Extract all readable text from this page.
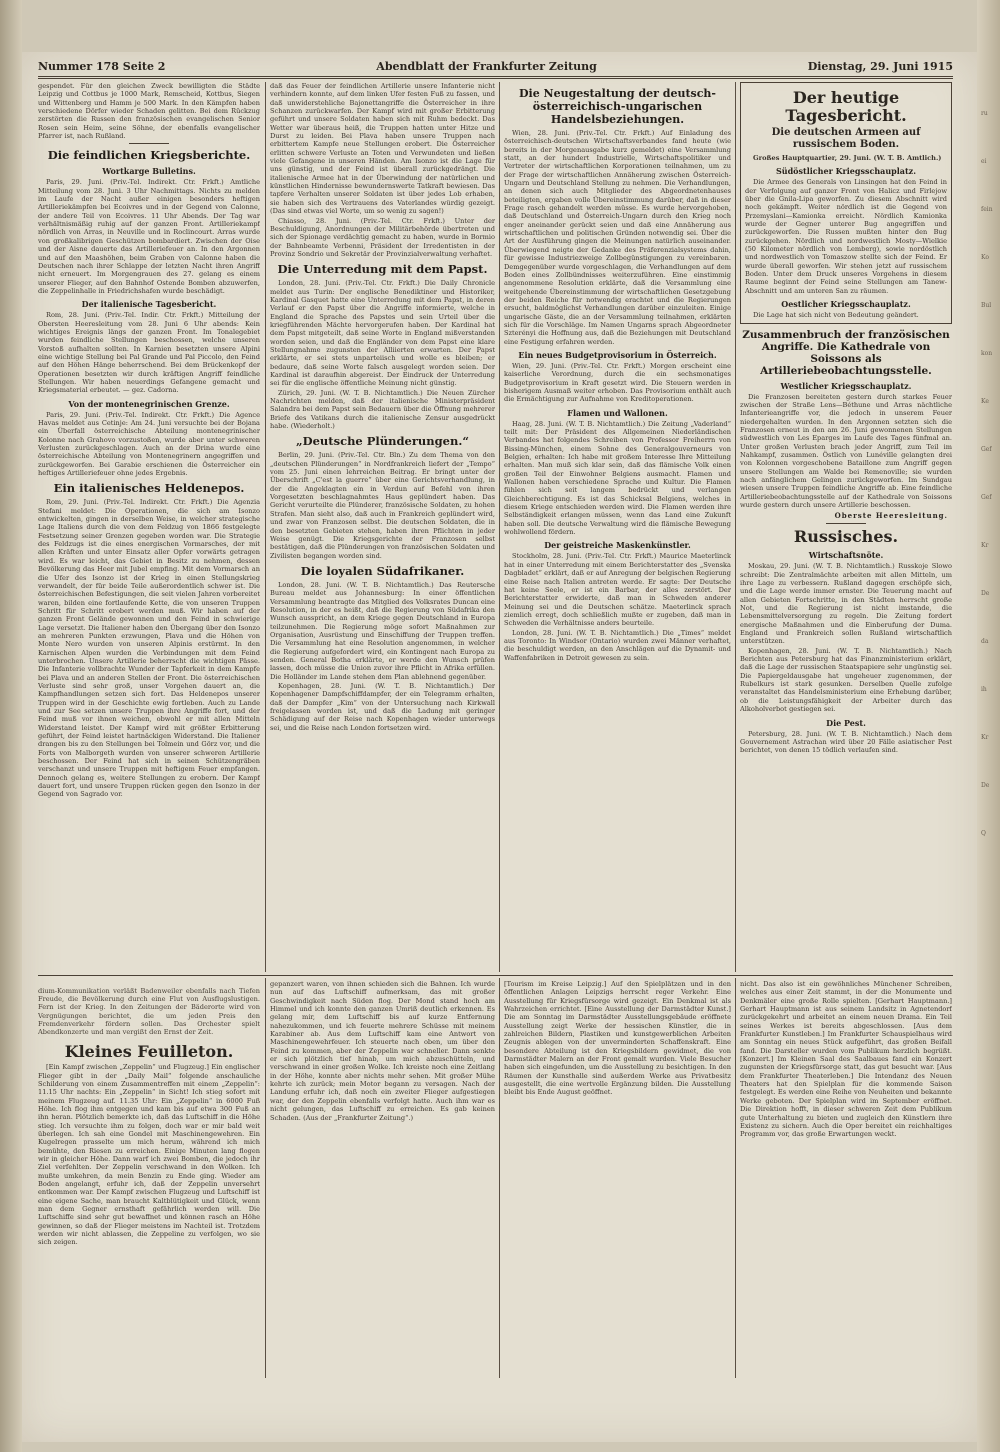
ru
ei
fein
Ko
Bul
kon
Ke
Gef
Gef
Kr
De
da
ih
Kr
De
Q
Nummer 178 Seite 2	Abendblatt der Frankfurter Zeitung	Dienstag, 29. Juni 1915

gespendet. Für den gleichen Zweck bewilligten die Städte Leipzig und Cottbus je 1000 Mark, Remscheid, Kottbus, Siegen und Wittenberg und Hamm je 500 Mark. In den Kämpfen haben verschiedene Dörfer wieder Schaden gelitten. Bei dem Rückzug zerstörten die Russen den französischen evangelischen Senior Rosen sein Heim, seine Söhne, der ebenfalls evangelischer Pfarrer ist, nach Rußland.

Die feindlichen Kriegsberichte.
Wortkarge Bulletins.

Paris, 29. Juni. (Priv.-Tel. Indirekt. Ctr. Frkft.) Amtliche Mitteilung vom 28. Juni. 3 Uhr Nachmittags. Nichts zu melden im Laufe der Nacht außer einigen besonders heftigen Artilleriekämpfen bei Ecoivres und in der Gegend von Calonne, der andere Teil von Ecoivres. 11 Uhr Abends. Der Tag war verhältnismäßig ruhig auf der ganzen Front. Artilleriekampf nördlich von Arras, in Neuville und in Roclincourt. Arras wurde von großkalibrigen Geschützen bombardiert. Zwischen der Oise und der Aisne dauerte das Artilleriefeuer an. In den Argonnen und auf den Maashöhen, beim Graben von Calonne haben die Deutschen nach ihrer Schlappe der letzten Nacht ihren Angriff nicht erneuert. Im Morgengrauen des 27. gelang es einem unserer Flieger, auf den Bahnhof Ostende Bomben abzuwerfen, die Zeppelinhalle in Friedrichshafen wurde beschädigt.

Der italienische Tagesbericht.

Rom, 28. Juni. (Priv.-Tel. Indir. Ctr. Frkft.) Mitteilung der Obersten Heeresleitung vom 28. Juni 6 Uhr abends: Kein wichtiges Ereignis längs der ganzen Front. Im Tonalegebiet wurden feindliche Stellungen beschossen, welche unseren Vorstoß aufhalten sollten. In Karnien besetzten unsere Alpini eine wichtige Stellung bei Pal Grande und Pal Piccolo, den Feind auf den Höhen Hänge beherrschend. Bei dem Brückenkopf der Operationen besetzten wir durch kräftigen Angriff feindliche Stellungen. Wir haben neuerdings Gefangene gemacht und Kriegsmaterial erbeutet. — gez. Cadorna.

Von der montenegrinischen Grenze.

Paris, 29. Juni. (Priv.-Tel. Indirekt. Ctr. Frkft.) Die Agence Havas meldet aus Cetinje: Am 24. Juni versuchte bei der Bojana ein Überfall österreichische Abteilung montenegrinischer Kolonne nach Grahovo vorzustoßen, wurde aber unter schweren Verlusten zurückgeschlagen. Auch an der Drina wurde eine österreichische Abteilung von Montenegrinern angegriffen und zurückgeworfen. Bei Garabie erschienen die Österreicher ein heftiges Artilleriefeuer ohne jedes Ergebnis.

Ein italienisches Heldenepos.

Rom, 29. Juni. (Priv.-Tel. Indirekt. Ctr. Frkft.) Die Agenzia Stefani meldet: Die Operationen, die sich am Isonzo entwickelten, gingen in derselben Weise, in welcher strategische Lage Italiens durch die von dem Feldzug von 1866 festgelegte Festsetzung seiner Grenzen gegeben worden war. Die Strategie des Feldzugs ist die eines energischen Vormarsches, der mit allen Kräften und unter Einsatz aller Opfer vorwärts getragen wird. Es war leicht, das Gebiet in Besitz zu nehmen, dessen Bevölkerung das Heer mit Jubel empfing. Mit dem Vormarsch an die Ufer des Isonzo ist der Krieg in einen Stellungskrieg verwandelt, der für beide Teile außerordentlich schwer ist. Die österreichischen Befestigungen, die seit vielen Jahren vorbereitet waren, bilden eine fortlaufende Kette, die von unseren Truppen Schritt für Schritt erobert werden muß. Wir haben auf der ganzen Front Gelände gewonnen und den Feind in schwierige Lage versetzt. Die Italiener haben den Übergang über den Isonzo an mehreren Punkten erzwungen, Plava und die Höhen von Monte Nero wurden von unseren Alpinis erstürmt. In den Karnischen Alpen wurden die Verbindungen mit dem Feind unterbrochen. Unsere Artillerie beherrscht die wichtigen Pässe. Die Infanterie vollbrachte Wunder der Tapferkeit in dem Kampfe bei Plava und an anderen Stellen der Front. Die österreichischen Verluste sind sehr groß, unser Vorgehen dauert an, die Kampfhandlungen setzen sich fort. Das Heldenepos unserer Truppen wird in der Geschichte ewig fortleben. Auch zu Lande und zur See setzen unsere Truppen ihre Angriffe fort, und der Feind muß vor ihnen weichen, obwohl er mit allen Mitteln Widerstand leistet. Der Kampf wird mit größter Erbitterung geführt, der Feind leistet hartnäckigen Widerstand. Die Italiener drangen bis zu den Stellungen bei Tolmein und Görz vor, und die Forts von Malborgeth wurden von unserer schweren Artillerie beschossen. Der Feind hat sich in seinen Schützengräben verschanzt und unsere Truppen mit heftigem Feuer empfangen. Dennoch gelang es, weitere Stellungen zu erobern. Der Kampf dauert fort, und unsere Truppen rücken gegen den Isonzo in der Gegend von Sagrado vor.

daß das Feuer der feindlichen Artillerie unsere Infanterie nicht verhindern konnte, auf dem linken Ufer festen Fuß zu fassen, und daß unwiderstehliche Bajonettangriffe die Österreicher in ihre Schanzen zurückwarfen. Der Kampf wird mit großer Erbitterung geführt und unsere Soldaten haben sich mit Ruhm bedeckt. Das Wetter war überaus heiß, die Truppen hatten unter Hitze und Durst zu leiden. Bei Plava haben unsere Truppen nach erbittertem Kampfe neue Stellungen erobert. Die Österreicher erlitten schwere Verluste an Toten und Verwundeten und ließen viele Gefangene in unseren Händen. Am Isonzo ist die Lage für uns günstig, und der Feind ist überall zurückgedrängt. Die italienische Armee hat in der Überwindung der natürlichen und künstlichen Hindernisse bewundernswerte Tatkraft bewiesen. Das tapfere Verhalten unserer Soldaten ist über jedes Lob erhaben, sie haben sich des Vertrauens des Vaterlandes würdig gezeigt. (Das sind etwas viel Worte, um so wenig zu sagen!)

Chiasso, 28. Juni. (Priv.-Tel. Ctr. Frkft.) Unter der Beschuldigung, Anordnungen der Militärbehörde übertreten und sich der Spionage verdächtig gemacht zu haben, wurde in Bormio der Bahnbeamte Verbenni, Präsident der Irredentisten in der Provinz Sondrio und Sekretär der Provinzialverwaltung verhaftet.

Die Unterredung mit dem Papst.

London, 28. Juni. (Priv.-Tel. Ctr. Frkft.) Die Daily Chronicle meldet aus Turin: Der englische Benediktiner und Historiker, Kardinal Gasquet hatte eine Unterredung mit dem Papst, in deren Verlauf er den Papst über die Angriffe informierte, welche in England die Sprache des Papstes und sein Urteil über die kriegführenden Mächte hervorgerufen haben. Der Kardinal hat dem Papst mitgeteilt, daß seine Worte in England mißverstanden worden seien, und daß die Engländer von dem Papst eine klare Stellungnahme zugunsten der Alliierten erwarten. Der Papst erklärte, er sei stets unparteiisch und wolle es bleiben; er bedaure, daß seine Worte falsch ausgelegt worden seien. Der Kardinal ist daraufhin abgereist. Der Eindruck der Unterredung sei für die englische öffentliche Meinung nicht günstig.

Zürich, 29. Juni. (W. T. B. Nichtamtlich.) Die Neuen Zürcher Nachrichten melden, daß der italienische Ministerpräsident Salandra bei dem Papst sein Bedauern über die Öffnung mehrerer Briefe des Vatikans durch die italienische Zensur ausgedrückt habe. (Wiederholt.)

„Deutsche Plünderungen.“

Berlin, 29. Juni. (Priv.-Tel. Ctr. Bln.) Zu dem Thema von den „deutschen Plünderungen“ in Nordfrankreich liefert der „Tempo“ vom 25. Juni einen lehrreichen Beitrag. Er bringt unter der Überschrift „C'est la guerre“ über eine Gerichtsverhandlung, in der die Angeklagten ein in Verdun auf Befehl von ihren Vorgesetzten beschlagnahmtes Haus geplündert haben. Das Gericht verurteilte die Plünderer, französische Soldaten, zu hohen Strafen. Man sieht also, daß auch in Frankreich geplündert wird, und zwar von Franzosen selbst. Die deutschen Soldaten, die in den besetzten Gebieten stehen, haben ihren Pflichten in jeder Weise genügt. Die Kriegsgerichte der Franzosen selbst bestätigen, daß die Plünderungen von französischen Soldaten und Zivilisten begangen worden sind.

Die loyalen Südafrikaner.

London, 28. Juni. (W. T. B. Nichtamtlich.) Das Reutersche Bureau meldet aus Johannesburg: In einer öffentlichen Versammlung beantragte das Mitglied des Volksrates Duncan eine Resolution, in der es heißt, daß die Regierung von Südafrika den Wunsch ausspricht, an dem Kriege gegen Deutschland in Europa teilzunehmen. Die Regierung möge sofort Maßnahmen zur Organisation, Ausrüstung und Einschiffung der Truppen treffen. Die Versammlung hat eine Resolution angenommen, in welcher die Regierung aufgefordert wird, ein Kontingent nach Europa zu senden. General Botha erklärte, er werde den Wunsch prüfen lassen, doch müsse die Union zuvor ihre Pflicht in Afrika erfüllen. Die Holländer im Lande stehen dem Plan ablehnend gegenüber.

Kopenhagen, 28. Juni. (W. T. B. Nichtamtlich.) Der Kopenhagener Dampfschiffdampfer, der ein Telegramm erhalten, daß der Dampfer „Kim“ von der Untersuchung nach Kirkwall freigelassen worden ist, und daß die Ladung mit geringer Schädigung auf der Reise nach Kopenhagen wieder unterwegs sei, und die Reise nach London fortsetzen wird.

Die Neugestaltung der deutsch-österreichisch-ungarischen Handelsbeziehungen.

Wien, 28. Juni. (Priv.-Tel. Ctr. Frkft.) Auf Einladung des österreichisch-deutschen Wirtschaftsverbandes fand heute (wie bereits in der Morgenausgabe kurz gemeldet) eine Versammlung statt, an der hundert Industrielle, Wirtschaftspolitiker und Vertreter der wirtschaftlichen Korporationen teilnahmen, um zu der Frage der wirtschaftlichen Annäherung zwischen Österreich-Ungarn und Deutschland Stellung zu nehmen. Die Verhandlungen, an denen sich auch Mitglieder des Abgeordnetenhauses beteiligten, ergaben volle Übereinstimmung darüber, daß in dieser Frage rasch gehandelt werden müsse. Es wurde hervorgehoben, daß Deutschland und Österreich-Ungarn durch den Krieg noch enger aneinander gerückt seien und daß eine Annäherung aus wirtschaftlichen und politischen Gründen notwendig sei. Über die Art der Ausführung gingen die Meinungen natürlich auseinander. Überwiegend neigte der Gedanke des Präferenzialsystems dahin, für gewisse Industriezweige Zollbegünstigungen zu vereinbaren. Demgegenüber wurde vorgeschlagen, die Verhandlungen auf dem Boden eines Zollbündnisses weiterzuführen. Eine einstimmig angenommene Resolution erklärte, daß die Versammlung eine weitgehende Übereinstimmung der wirtschaftlichen Gesetzgebung der beiden Reiche für notwendig erachtet und die Regierungen ersucht, baldmöglichst Verhandlungen darüber einzuleiten. Einige ungarische Gäste, die an der Versammlung teilnahmen, erklärten sich für die Vorschläge. Im Namen Ungarns sprach Abgeordneter Szterényi die Hoffnung aus, daß die Beziehungen mit Deutschland eine Festigung erfahren werden.

Ein neues Budgetprovisorium in Österreich.

Wien, 29. Juni. (Priv.-Tel. Ctr. Frkft.) Morgen erscheint eine kaiserliche Verordnung, durch die ein sechsmonatiges Budgetprovisorium in Kraft gesetzt wird. Die Steuern werden in bisherigem Ausmaß weiter erhoben. Das Provisorium enthält auch die Ermächtigung zur Aufnahme von Kreditoperationen.

Flamen und Wallonen.

Haag, 28. Juni. (W. T. B. Nichtamtlich.) Die Zeitung „Vaderland“ teilt mit: Der Präsident des Allgemeinen Niederländischen Verbandes hat folgendes Schreiben von Professor Freiherrn von Bissing-München, einem Sohne des Generalgouverneurs von Belgien, erhalten: Ich habe mit großem Interesse Ihre Mitteilung erhalten. Man muß sich klar sein, daß das flämische Volk einen großen Teil der Einwohner Belgiens ausmacht. Flamen und Wallonen haben verschiedene Sprache und Kultur. Die Flamen fühlen sich seit langem bedrückt und verlangen Gleichberechtigung. Es ist das Schicksal Belgiens, welches in diesem Kriege entschieden werden wird. Die Flamen werden ihre Selbständigkeit erlangen müssen, wenn das Land eine Zukunft haben soll. Die deutsche Verwaltung wird die flämische Bewegung wohlwollend fördern.

Der geistreiche Maskenkünstler.

Stockholm, 28. Juni. (Priv.-Tel. Ctr. Frkft.) Maurice Maeterlinck hat in einer Unterredung mit einem Berichterstatter des „Svenska Dagbladet“ erklärt, daß er auf Anregung der belgischen Regierung eine Reise nach Italien antreten werde. Er sagte: Der Deutsche hat keine Seele, er ist ein Barbar, der alles zerstört. Der Berichterstatter erwiderte, daß man in Schweden anderer Meinung sei und die Deutschen schätze. Maeterlinck sprach ziemlich erregt, doch schließlich mußte er zugeben, daß man in Schweden die Verhältnisse anders beurteile.

London, 28. Juni. (W. T. B. Nichtamtlich.) Die „Times“ meldet aus Toronto: In Windsor (Ontario) wurden zwei Männer verhaftet, die beschuldigt werden, an den Anschlägen auf die Dynamit- und Waffenfabriken in Detroit gewesen zu sein.

Der heutige Tagesbericht.
Die deutschen Armeen auf russischem Boden.

Großes Hauptquartier, 29. Juni. (W. T. B. Amtlich.)

Südöstlicher Kriegsschauplatz.

Die Armee des Generals von Linsingen hat den Feind in der Verfolgung auf ganzer Front von Halicz und Firlejow über die Gnila-Lipa geworfen. Zu diesem Abschnitt wird noch gekämpft. Weiter nördlich ist die Gegend von Przemyslani—Kamionka erreicht. Nördlich Kamionka wurde der Gegner unterer Bug angegriffen und zurückgeworfen. Die Russen mußten hinter den Bug zurückgehen. Nördlich und nordwestlich Mosty—Wielkie (50 Kilometer nördlich von Lemberg), sowie nordöstlich und nordwestlich von Tomaszow stellte sich der Feind. Er wurde überall geworfen. Wir stehen jetzt auf russischem Boden. Unter dem Druck unseres Vorgehens in diesem Raume beginnt der Feind seine Stellungen am Tanew-Abschnitt und am unteren San zu räumen.

Oestlicher Kriegsschauplatz.

Die Lage hat sich nicht von Bedeutung geändert.

Zusammenbruch der französischen Angriffe. Die Kathedrale von Soissons als Artilleriebeobachtungsstelle.
Westlicher Kriegsschauplatz.

Die Franzosen bereiteten gestern durch starkes Feuer zwischen der Straße Lens—Béthune und Arras nächtliche Infanterieangriffe vor, die jedoch in unserem Feuer niedergehalten wurden. In den Argonnen setzten sich die Franzosen erneut in den am 26. Juni gewonnenen Stellungen südwestlich von Les Eparges im Laufe des Tages fünfmal an. Unter großen Verlusten brach jeder Angriff, zum Teil im Nahkampf, zusammen. Östlich von Lunéville gelangten drei von Kolonnen vorgeschobene Bataillone zum Angriff gegen unsere Stellungen am Walde bei Remenoville; sie wurden nach anfänglichem Gelingen zurückgeworfen. Im Sundgau wiesen unsere Truppen feindliche Angriffe ab. Eine feindliche Artilleriebeobachtungsstelle auf der Kathedrale von Soissons wurde gestern durch unsere Artillerie beschossen.

Oberste Heeresleitung.
Russisches.
Wirtschaftsnöte.

Moskau, 29. Juni. (W. T. B. Nichtamtlich.) Russkoje Slowo schreibt: Die Zentralmächte arbeiten mit allen Mitteln, um ihre Lage zu verbessern. Rußland dagegen erschöpfe sich, und die Lage werde immer ernster. Die Teuerung macht auf allen Gebieten Fortschritte, in den Städten herrscht große Not, und die Regierung ist nicht imstande, die Lebensmittelversorgung zu regeln. Die Zeitung fordert energische Maßnahmen und die Einberufung der Duma. England und Frankreich sollen Rußland wirtschaftlich unterstützen.

Kopenhagen, 28. Juni. (W. T. B. Nichtamtlich.) Nach Berichten aus Petersburg hat das Finanzministerium erklärt, daß die Lage der russischen Staatspapiere sehr ungünstig sei. Die Papiergeldausgabe hat ungeheuer zugenommen, der Rubelkurs ist stark gesunken. Derselben Quelle zufolge veranstaltet das Handelsministerium eine Erhebung darüber, ob die Leistungsfähigkeit der Arbeiter durch das Alkoholverbot gestiegen sei.

Die Pest.

Petersburg, 28. Juni. (W. T. B. Nichtamtlich.) Nach dem Gouvernement Astrachan wird über 20 Fälle asiatischer Pest berichtet, von denen 15 tödlich verlaufen sind.

dium-Kommunikation verläßt Badenweiler ebenfalls nach Tiefen Freude, die Bevölkerung durch eine Flut von Ausflugslustigen. Fern ist der Krieg. In den Zeitungen der Bäderorte wird von Vergnügungen berichtet, die um jeden Preis den Fremdenverkehr fördern sollen. Das Orchester spielt Abendkonzerte und man vergißt den Ernst der Zeit.

Kleines Feuilleton.

[Ein Kampf zwischen „Zeppelin“ und Flugzeug.] Ein englischer Flieger gibt in der „Daily Mail“ folgende anschauliche Schilderung von einem Zusammentreffen mit einem „Zeppelin“: 11.15 Uhr nachts: Ein „Zeppelin“ in Sicht! Ich stieg sofort mit meinem Flugzeug auf. 11.35 Uhr: Ein „Zeppelin“ in 6000 Fuß Höhe. Ich flog ihm entgegen und kam bis auf etwa 300 Fuß an ihn heran. Plötzlich bemerkte ich, daß das Luftschiff in die Höhe stieg. Ich versuchte ihm zu folgen, doch war er mir bald weit überlegen. Ich sah eine Gondel mit Maschinengewehren. Ein Kugelregen prasselte um mich herum, während ich mich bemühte, den Riesen zu erreichen. Einige Minuten lang flogen wir in gleicher Höhe. Dann warf ich zwei Bomben, die jedoch ihr Ziel verfehlten. Der Zeppelin verschwand in den Wolken. Ich mußte umkehren, da mein Benzin zu Ende ging. Wieder am Boden angelangt, erfuhr ich, daß der Zeppelin unversehrt entkommen war. Der Kampf zwischen Flugzeug und Luftschiff ist eine eigene Sache, man braucht Kaltblütigkeit und Glück, wenn man dem Gegner ernsthaft gefährlich werden will. Die Luftschiffe sind sehr gut bewaffnet und können rasch an Höhe gewinnen, so daß der Flieger meistens im Nachteil ist. Trotzdem werden wir nicht ablassen, die Zeppeline zu verfolgen, wo sie sich zeigen.

gepanzert waren, von ihnen schieden sich die Bahnen. Ich wurde nun auf das Luftschiff aufmerksam, das mit großer Geschwindigkeit nach Süden flog. Der Mond stand hoch am Himmel und ich konnte den ganzen Umriß deutlich erkennen. Es gelang mir, dem Luftschiff bis auf kurze Entfernung nahezukommen, und ich feuerte mehrere Schüsse mit meinem Karabiner ab. Aus dem Luftschiff kam eine Antwort von Maschinengewehrfeuer. Ich steuerte nach oben, um über den Feind zu kommen, aber der Zeppelin war schneller. Dann senkte er sich plötzlich tief hinab, um mich abzuschütteln, und verschwand in einer großen Wolke. Ich kreiste noch eine Zeitlang in der Höhe, konnte aber nichts mehr sehen. Mit großer Mühe kehrte ich zurück; mein Motor begann zu versagen. Nach der Landung erfuhr ich, daß noch ein zweiter Flieger aufgestiegen war, der den Zeppelin ebenfalls verfolgt hatte. Auch ihm war es nicht gelungen, das Luftschiff zu erreichen. Es gab keinen Schaden. (Aus der „Frankfurter Zeitung“.)

[Tourism im Kreise Leipzig.] Auf den Spielplätzen und in den öffentlichen Anlagen Leipzigs herrscht reger Verkehr. Eine Ausstellung für Kriegsfürsorge wird gezeigt. Ein Denkmal ist als Wahrzeichen errichtet. [Eine Ausstellung der Darmstädter Kunst.] Die am Sonntag im Darmstädter Ausstellungsgebäude eröffnete Ausstellung zeigt Werke der hessischen Künstler, die in zahlreichen Bildern, Plastiken und kunstgewerblichen Arbeiten Zeugnis ablegen von der unverminderten Schaffenskraft. Eine besondere Abteilung ist den Kriegsbildern gewidmet, die von Darmstädter Malern an der Front gemalt wurden. Viele Besucher haben sich eingefunden, um die Ausstellung zu besichtigen. In den Räumen der Kunsthalle sind außerdem Werke aus Privatbesitz ausgestellt, die eine wertvolle Ergänzung bilden. Die Ausstellung bleibt bis Ende August geöffnet.

nicht. Das also ist ein gewöhnliches Münchener Schreiben, welches aus einer Zeit stammt, in der die Monumente und Denkmäler eine große Rolle spielten. [Gerhart Hauptmann.] Gerhart Hauptmann ist aus seinem Landsitz in Agnetendorf zurückgekehrt und arbeitet an einem neuen Drama. Ein Teil seines Werkes ist bereits abgeschlossen. [Aus dem Frankfurter Kunstleben.] Im Frankfurter Schauspielhaus wird am Sonntag ein neues Stück aufgeführt, das großen Beifall fand. Die Darsteller wurden vom Publikum herzlich begrüßt. [Konzert.] Im Kleinen Saal des Saalbaues fand ein Konzert zugunsten der Kriegsfürsorge statt, das gut besucht war. [Aus dem Frankfurter Theaterleben.] Die Intendanz des Neuen Theaters hat den Spielplan für die kommende Saison festgelegt. Es werden eine Reihe von Neuheiten und bekannte Werke geboten. Der Spielplan wird im September eröffnet. Die Direktion hofft, in dieser schweren Zeit dem Publikum gute Unterhaltung zu bieten und zugleich den Künstlern ihre Existenz zu sichern. Auch die Oper bereitet ein reichhaltiges Programm vor, das große Erwartungen weckt.
